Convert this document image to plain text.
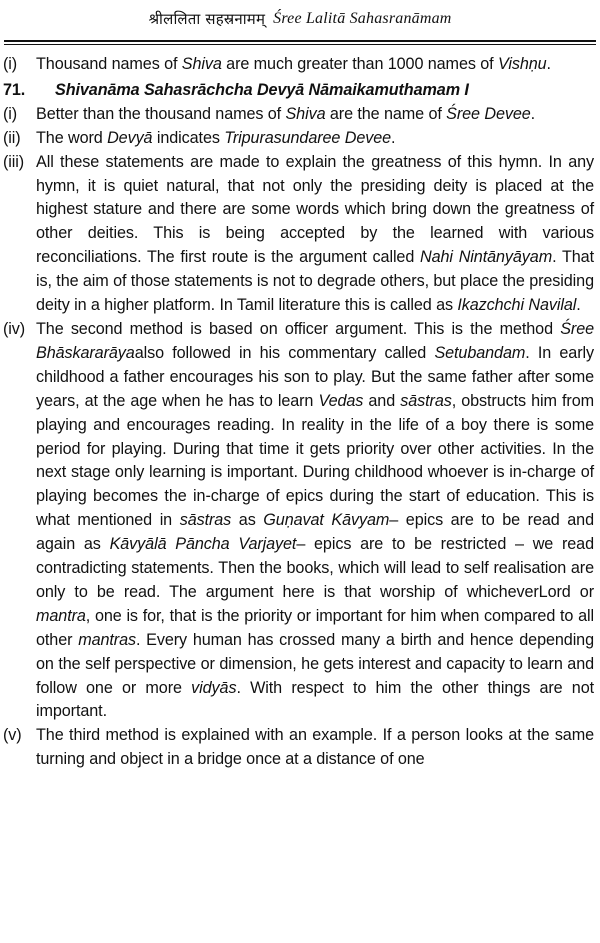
श्रीललिता सहस्रनामम् Śree Lalitā Sahasranāmam
(i)	Thousand names of Shiva are much greater than 1000 names of Vishṇu.
71.	Shivanāma Sahasrāchcha Devyā Nāmaikamuthamam I
(i)	Better than the thousand names of Shiva are the name of Śree Devee.
(ii) The word Devyā indicates Tripurasundaree Devee.
(iii) All these statements are made to explain the greatness of this hymn. In any hymn, it is quiet natural, that not only the presiding deity is placed at the highest stature and there are some words which bring down the greatness of other deities. This is being accepted by the learned with various reconciliations. The first route is the argument called Nahi Nintānyāyam. That is, the aim of those statements is not to degrade others, but place the presiding deity in a higher platform. In Tamil literature this is called as Ikazchchi Navilal.
(iv) The second method is based on officer argument. This is the method Śree Bhāskararāyaalso followed in his commentary called Setubandam. In early childhood a father encourages his son to play. But the same father after some years, at the age when he has to learn Vedas and sāstras, obstructs him from playing and encourages reading. In reality in the life of a boy there is some period for playing. During that time it gets priority over other activities. In the next stage only learning is important. During childhood whoever is in-charge of playing becomes the in-charge of epics during the start of education. This is what mentioned in sāstras as Guṇavat Kāvyam– epics are to be read and again as Kāvyālā Pāncha Varjayet– epics are to be restricted – we read contradicting statements. Then the books, which will lead to self realisation are only to be read. The argument here is that worship of whicheverLord or mantra, one is for, that is the priority or important for him when compared to all other mantras. Every human has crossed many a birth and hence depending on the self perspective or dimension, he gets interest and capacity to learn and follow one or more vidyās. With respect to him the other things are not important.
(v) The third method is explained with an example. If a person looks at the same turning and object in a bridge once at a distance of one
